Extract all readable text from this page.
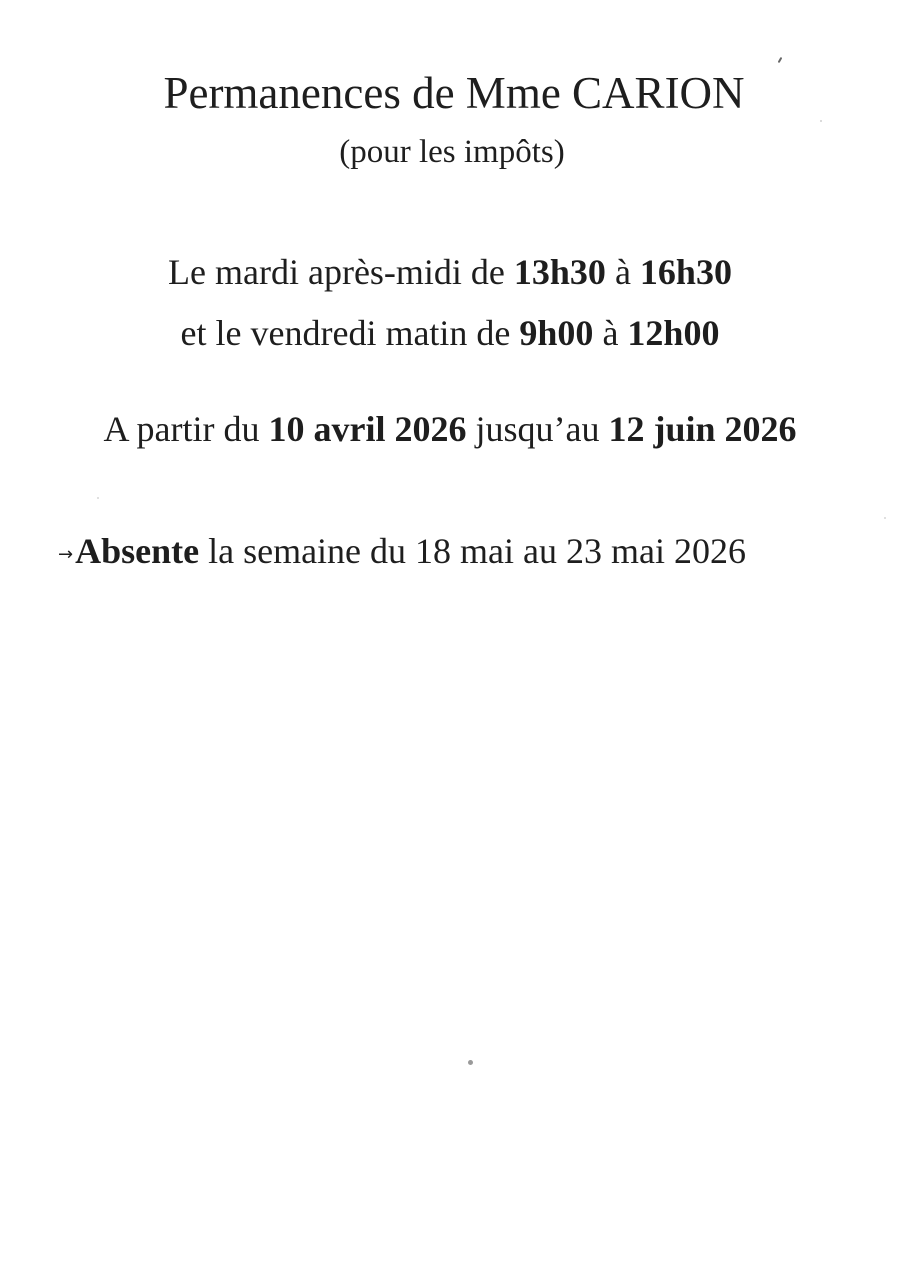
Permanences de Mme CARION
(pour les impôts)
Le mardi après-midi de 13h30 à 16h30
et le vendredi matin de 9h00 à 12h00
A partir du 10 avril 2026 jusqu’au 12 juin 2026
→Absente la semaine du 18 mai au 23 mai 2026
